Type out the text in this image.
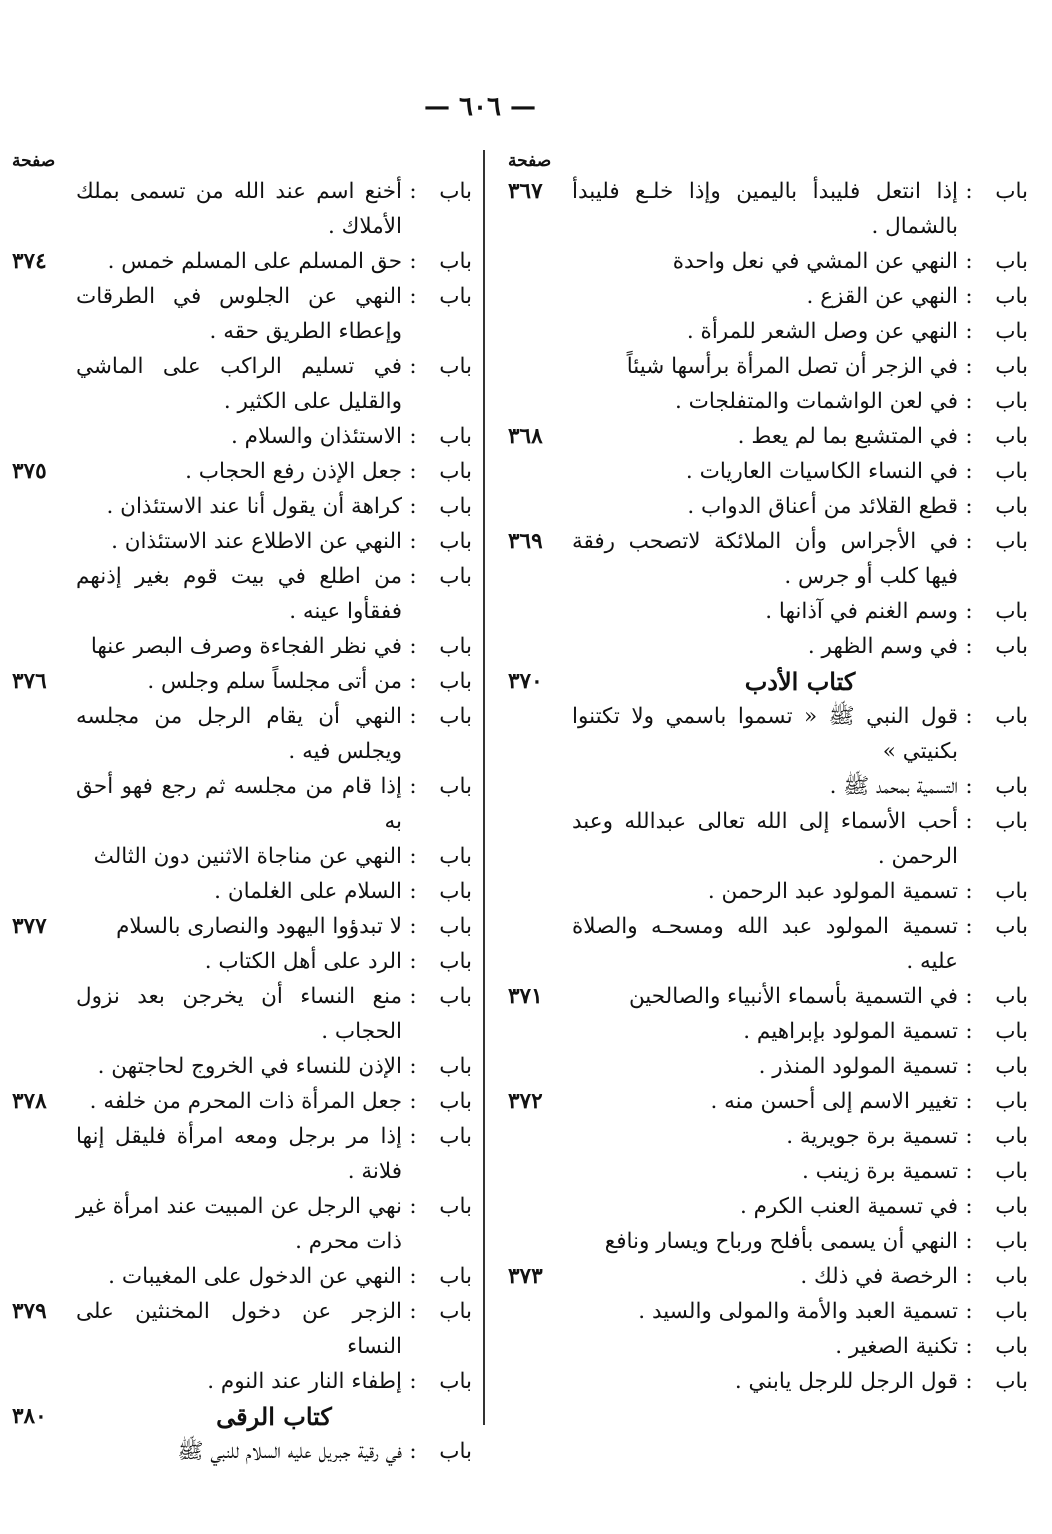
— ٦٠٦ —
صفحة
باب
:
إذا انتعل فليبدأ باليمين وإذا خلـع فليبدأ بالشمال .
٣٦٧
باب
:
النهي عن المشي في نعل واحدة
باب
:
النهي عن القزع .
باب
:
النهي عن وصل الشعر للمرأة .
باب
:
في الزجر أن تصل المرأة برأسها شيئاً
باب
:
في لعن الواشمات والمتفلجات .
باب
:
في المتشبع بما لم يعط .
٣٦٨
باب
:
في النساء الكاسيات العاريات .
باب
:
قطع القلائد من أعناق الدواب .
باب
:
في الأجراس وأن الملائكة لاتصحب رفقة فيها كلب أو جرس .
٣٦٩
باب
:
وسم الغنم في آذانها .
باب
:
في وسم الظهر .
كتاب الأدب
٣٧٠
باب
:
قول النبي ﷺ « تسموا باسمي ولا تكتنوا بكنيتي »
باب
:
التسمية بمحمد ﷺ .
باب
:
أحب الأسماء إلى الله تعالى عبدالله وعبد الرحمن .
باب
:
تسمية المولود عبد الرحمن .
باب
:
تسمية المولود عبد الله ومسحـه والصلاة عليه .
باب
:
في التسمية بأسماء الأنبياء والصالحين
٣٧١
باب
:
تسمية المولود بإبراهيم .
باب
:
تسمية المولود المنذر .
باب
:
تغيير الاسم إلى أحسن منه .
٣٧٢
باب
:
تسمية برة جويرية .
باب
:
تسمية برة زينب .
باب
:
في تسمية العنب الكرم .
باب
:
النهي أن يسمى بأفلح ورباح ويسار ونافع
باب
:
الرخصة في ذلك .
٣٧٣
باب
:
تسمية العبد والأمة والمولى والسيد .
باب
:
تكنية الصغير .
باب
:
قول الرجل للرجل يابني .
صفحة
باب
:
أخنع اسم عند الله من تسمى بملك الأملاك .
باب
:
حق المسلم على المسلم خمس .
٣٧٤
باب
:
النهي عن الجلوس في الطرقات وإعطاء الطريق حقه .
باب
:
في تسليم الراكب على الماشي والقليل على الكثير .
باب
:
الاستئذان والسلام .
باب
:
جعل الإذن رفع الحجاب .
٣٧٥
باب
:
كراهة أن يقول أنا عند الاستئذان .
باب
:
النهي عن الاطلاع عند الاستئذان .
باب
:
من اطلع في بيت قوم بغير إذنهم ففقأوا عينه .
باب
:
في نظر الفجاءة وصرف البصر عنها
باب
:
من أتى مجلساً سلم وجلس .
٣٧٦
باب
:
النهي أن يقام الرجل من مجلسه ويجلس فيه .
باب
:
إذا قام من مجلسه ثم رجع فهو أحق به
باب
:
النهي عن مناجاة الاثنين دون الثالث
باب
:
السلام على الغلمان .
باب
:
لا تبدؤوا اليهود والنصارى بالسلام
٣٧٧
باب
:
الرد على أهل الكتاب .
باب
:
منع النساء أن يخرجن بعد نزول الحجاب .
باب
:
الإذن للنساء في الخروج لحاجتهن .
باب
:
جعل المرأة ذات المحرم من خلفه .
٣٧٨
باب
:
إذا مر برجل ومعه امرأة فليقل إنها فلانة .
باب
:
نهي الرجل عن المبيت عند امرأة غير ذات محرم .
باب
:
النهي عن الدخول على المغيبات .
باب
:
الزجر عن دخول المخنثين على النساء
٣٧٩
باب
:
إطفاء النار عند النوم .
كتاب الرقى
٣٨٠
باب
:
في رقية جبريل عليه السلام للنبي ﷺ
